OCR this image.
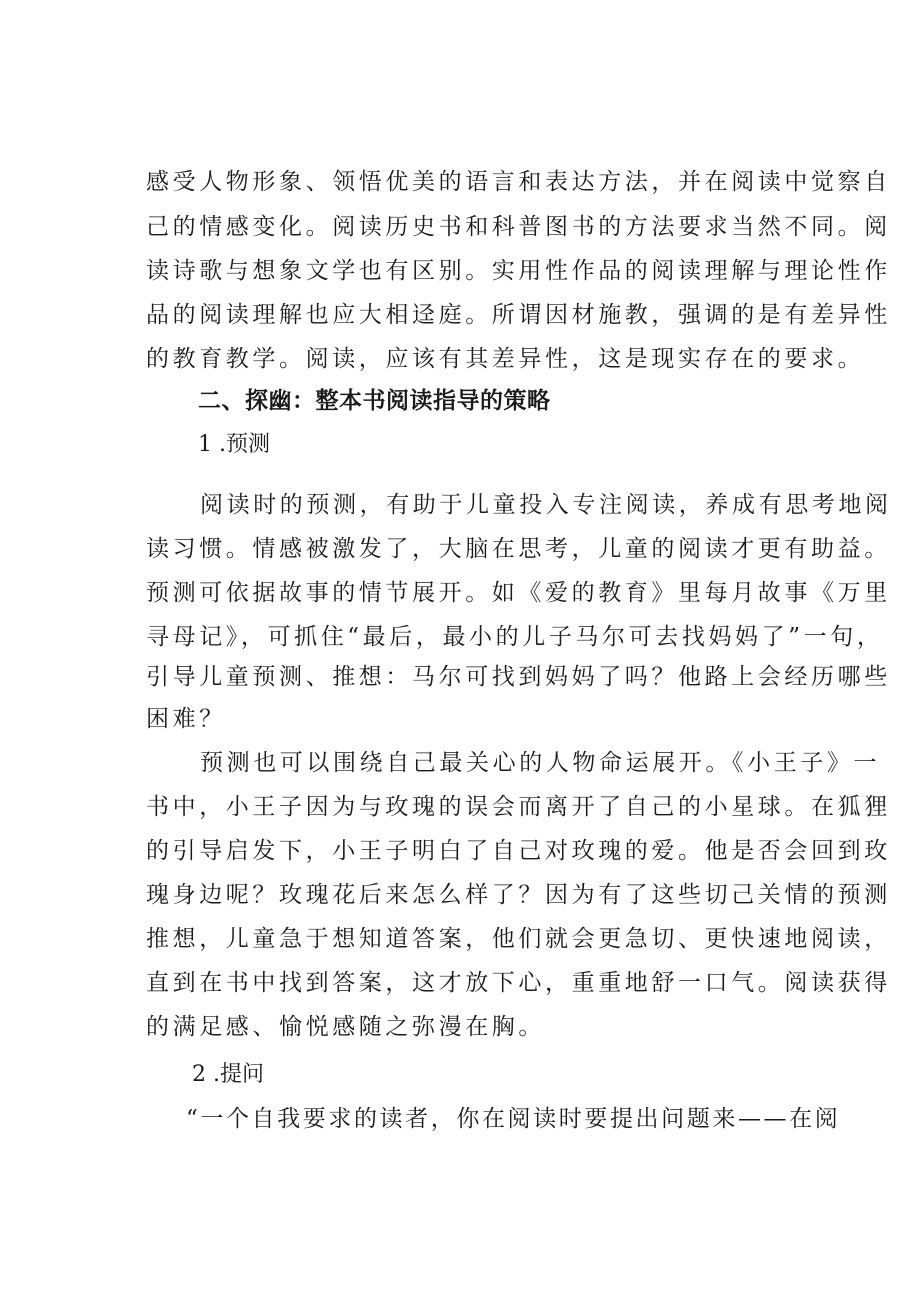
感受人物形象、领悟优美的语言和表达方法，并在阅读中觉察自
己的情感变化。阅读历史书和科普图书的方法要求当然不同。阅
读诗歌与想象文学也有区别。实用性作品的阅读理解与理论性作
品的阅读理解也应大相迳庭。所谓因材施教，强调的是有差异性
的教育教学。阅读，应该有其差异性，这是现实存在的要求。
二、探幽：整本书阅读指导的策略
1 .预测
阅读时的预测，有助于儿童投入专注阅读，养成有思考地阅
读习惯。情感被激发了，大脑在思考，儿童的阅读才更有助益。
预测可依据故事的情节展开。如《爱的教育》里每月故事《万里
寻母记》，可抓住“最后，最小的儿子马尔可去找妈妈了”一句，
引导儿童预测、推想：马尔可找到妈妈了吗？他路上会经历哪些
困难？
预测也可以围绕自己最关心的人物命运展开。《小王子》一
书中，小王子因为与玫瑰的误会而离开了自己的小星球。在狐狸
的引导启发下，小王子明白了自己对玫瑰的爱。他是否会回到玫
瑰身边呢？玫瑰花后来怎么样了？因为有了这些切己关情的预测
推想，儿童急于想知道答案，他们就会更急切、更快速地阅读，
直到在书中找到答案，这才放下心，重重地舒一口气。阅读获得
的满足感、愉悦感随之弥漫在胸。
2 .提问
“一个自我要求的读者，你在阅读时要提出问题来——在阅
